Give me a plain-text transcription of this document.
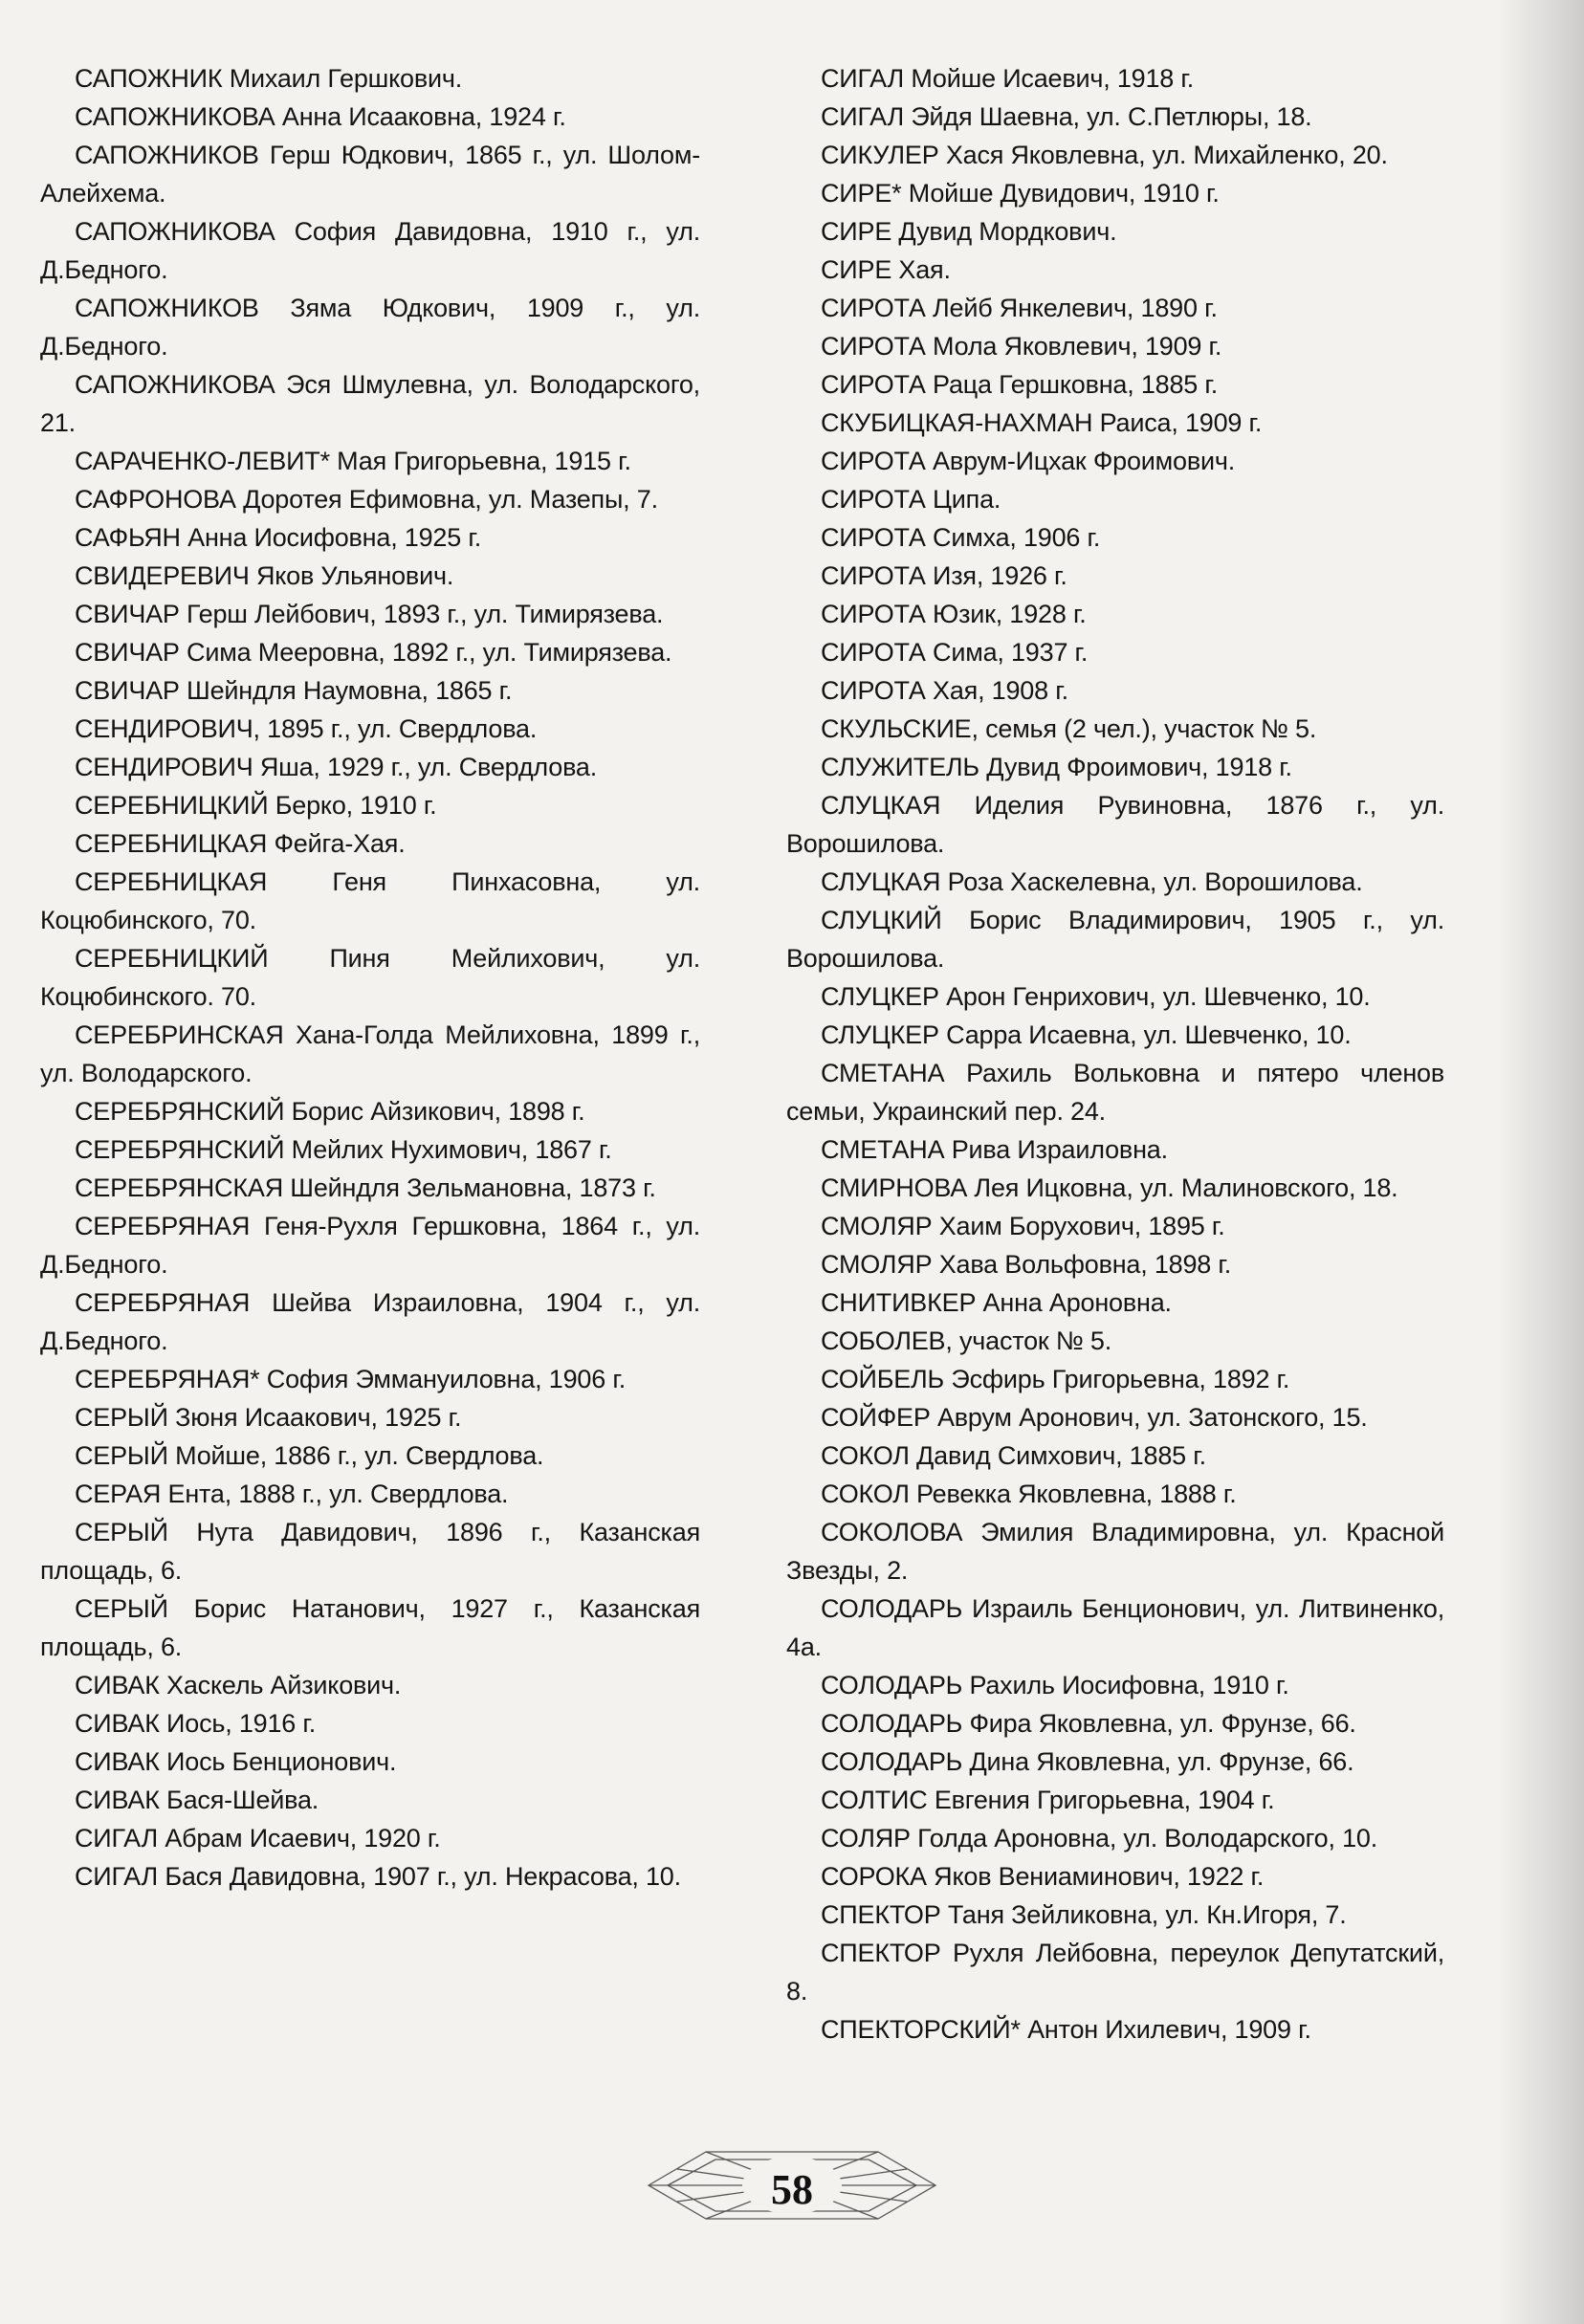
САПОЖНИК Михаил Гершкович.
САПОЖНИКОВА Анна Исааковна, 1924 г.
САПОЖНИКОВ Герш Юдкович, 1865 г., ул. Шолом-Алейхема.
САПОЖНИКОВА София Давидовна, 1910 г., ул. Д.Бедного.
САПОЖНИКОВ Зяма Юдкович, 1909 г., ул. Д.Бедного.
САПОЖНИКОВА Эся Шмулевна, ул. Володарского, 21.
САРАЧЕНКО-ЛЕВИТ* Мая Григорьевна, 1915 г.
САФРОНОВА Доротея Ефимовна, ул. Мазепы, 7.
САФЬЯН Анна Иосифовна, 1925 г.
СВИДЕРЕВИЧ Яков Ульянович.
СВИЧАР Герш Лейбович, 1893 г., ул. Тимирязева.
СВИЧАР Сима Мееровна, 1892 г., ул. Тимирязева.
СВИЧАР Шейндля Наумовна, 1865 г.
СЕНДИРОВИЧ, 1895 г., ул. Свердлова.
СЕНДИРОВИЧ Яша, 1929 г., ул. Свердлова.
СЕРЕБНИЦКИЙ Берко, 1910 г.
СЕРЕБНИЦКАЯ Фейга-Хая.
СЕРЕБНИЦКАЯ Геня Пинхасовна, ул. Коцюбинского, 70.
СЕРЕБНИЦКИЙ Пиня Мейлихович, ул. Коцюбинского. 70.
СЕРЕБРИНСКАЯ Хана-Голда Мейлиховна, 1899 г., ул. Володарского.
СЕРЕБРЯНСКИЙ Борис Айзикович, 1898 г.
СЕРЕБРЯНСКИЙ Мейлих Нухимович, 1867 г.
СЕРЕБРЯНСКАЯ Шейндля Зельмановна, 1873 г.
СЕРЕБРЯНАЯ Геня-Рухля Гершковна, 1864 г., ул. Д.Бедного.
СЕРЕБРЯНАЯ Шейва Израиловна, 1904 г., ул. Д.Бедного.
СЕРЕБРЯНАЯ* София Эммануиловна, 1906 г.
СЕРЫЙ Зюня Исаакович, 1925 г.
СЕРЫЙ Мойше, 1886 г., ул. Свердлова.
СЕРАЯ Ента, 1888 г., ул. Свердлова.
СЕРЫЙ Нута Давидович, 1896 г., Казанская площадь, 6.
СЕРЫЙ Борис Натанович, 1927 г., Казанская площадь, 6.
СИВАК Хаскель Айзикович.
СИВАК Иось, 1916 г.
СИВАК Иось Бенционович.
СИВАК Бася-Шейва.
СИГАЛ Абрам Исаевич, 1920 г.
СИГАЛ Бася Давидовна, 1907 г., ул. Некрасова, 10.
СИГАЛ Мойше Исаевич, 1918 г.
СИГАЛ Эйдя Шаевна, ул. С.Петлюры, 18.
СИКУЛЕР Хася Яковлевна, ул. Михайленко, 20.
СИРЕ* Мойше Дувидович, 1910 г.
СИРЕ Дувид Мордкович.
СИРЕ Хая.
СИРОТА Лейб Янкелевич, 1890 г.
СИРОТА Мола Яковлевич, 1909 г.
СИРОТА Раца Гершковна, 1885 г.
СКУБИЦКАЯ-НАХМАН Раиса, 1909 г.
СИРОТА Аврум-Ицхак Фроимович.
СИРОТА Ципа.
СИРОТА Симха, 1906 г.
СИРОТА Изя, 1926 г.
СИРОТА Юзик, 1928 г.
СИРОТА Сима, 1937 г.
СИРОТА Хая, 1908 г.
СКУЛЬСКИЕ, семья (2 чел.), участок № 5.
СЛУЖИТЕЛЬ Дувид Фроимович, 1918 г.
СЛУЦКАЯ Иделия Рувиновна, 1876 г., ул. Ворошилова.
СЛУЦКАЯ Роза Хаскелевна, ул. Ворошилова.
СЛУЦКИЙ Борис Владимирович, 1905 г., ул. Ворошилова.
СЛУЦКЕР Арон Генрихович, ул. Шевченко, 10.
СЛУЦКЕР Сарра Исаевна, ул. Шевченко, 10.
СМЕТАНА Рахиль Вольковна и пятеро членов семьи, Украинский пер. 24.
СМЕТАНА Рива Израиловна.
СМИРНОВА Лея Ицковна, ул. Малиновского, 18.
СМОЛЯР Хаим Борухович, 1895 г.
СМОЛЯР Хава Вольфовна, 1898 г.
СНИТИВКЕР Анна Ароновна.
СОБОЛЕВ, участок № 5.
СОЙБЕЛЬ Эсфирь Григорьевна, 1892 г.
СОЙФЕР Аврум Аронович, ул. Затонского, 15.
СОКОЛ Давид Симхович, 1885 г.
СОКОЛ Ревекка Яковлевна, 1888 г.
СОКОЛОВА Эмилия Владимировна, ул. Красной Звезды, 2.
СОЛОДАРЬ Израиль Бенционович, ул. Литвиненко, 4а.
СОЛОДАРЬ Рахиль Иосифовна, 1910 г.
СОЛОДАРЬ Фира Яковлевна, ул. Фрунзе, 66.
СОЛОДАРЬ Дина Яковлевна, ул. Фрунзе, 66.
СОЛТИС Евгения Григорьевна, 1904 г.
СОЛЯР Голда Ароновна, ул. Володарского, 10.
СОРОКА Яков Вениаминович, 1922 г.
СПЕКТОР Таня Зейликовна, ул. Кн.Игоря, 7.
СПЕКТОР Рухля Лейбовна, переулок Депутатский, 8.
СПЕКТОРСКИЙ* Антон Ихилевич, 1909 г.
58
